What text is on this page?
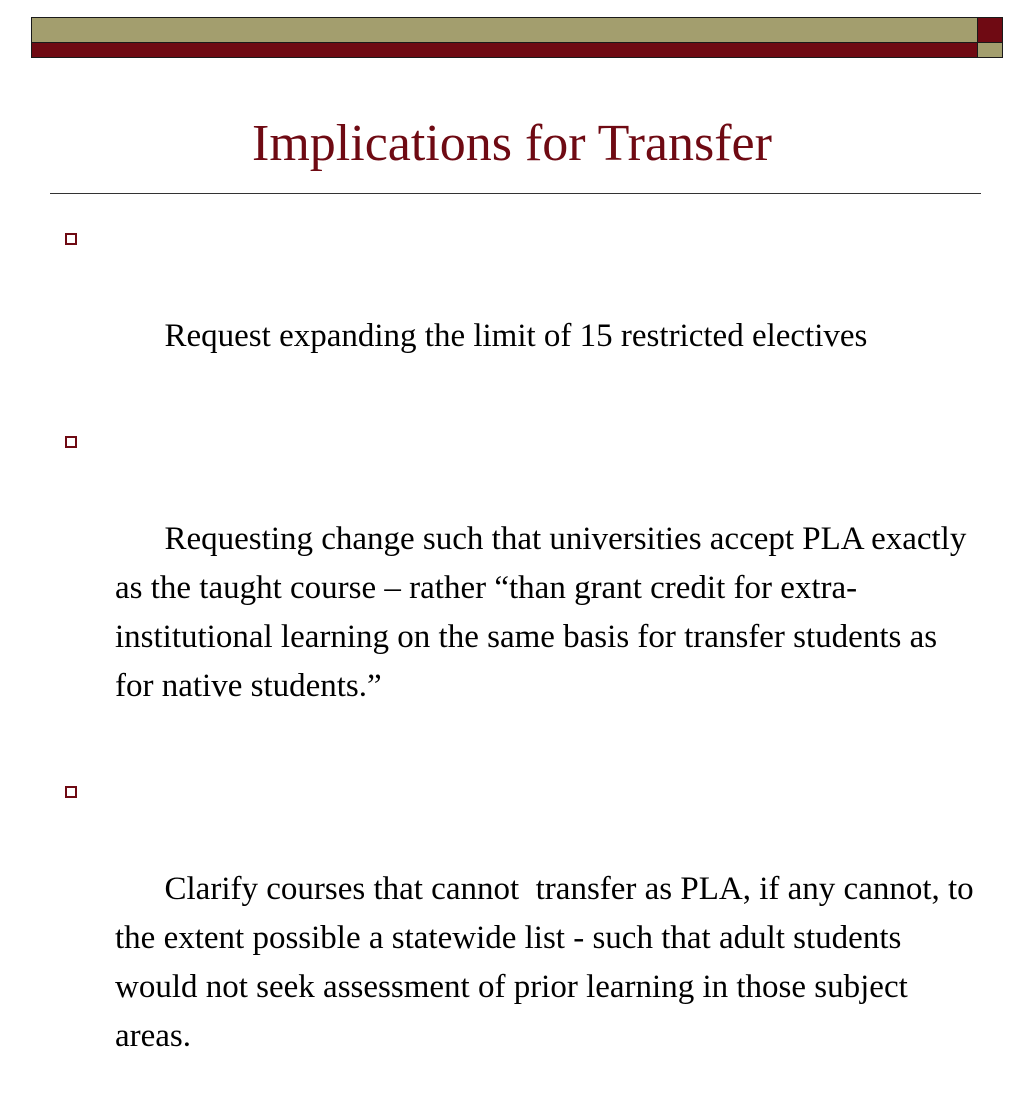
Implications for Transfer

Request expanding the limit of 15 restricted electives

Requesting change such that universities accept PLA exactly as the taught course – rather “than grant credit for extra-institutional learning on the same basis for transfer students as for native students.”

Clarify courses that cannot  transfer as PLA, if any cannot, to the extent possible a statewide list - such that adult students would not seek assessment of prior learning in those subject areas.
